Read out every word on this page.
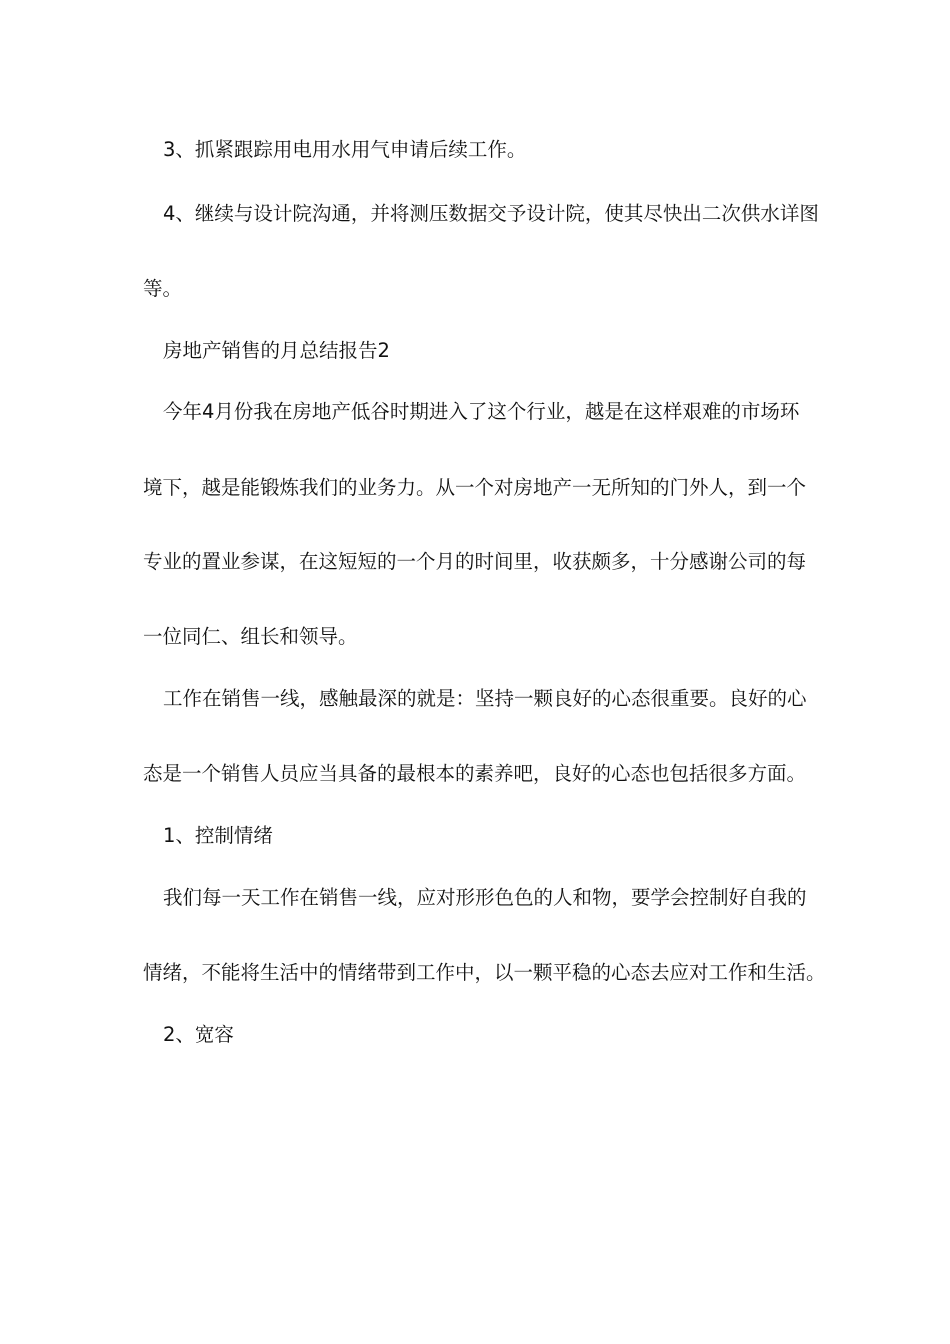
3、抓紧跟踪用电用水用气申请后续工作。
4、继续与设计院沟通，并将测压数据交予设计院，使其尽快出二次供水详图
等。
房地产销售的月总结报告2
今年4月份我在房地产低谷时期进入了这个行业，越是在这样艰难的市场环
境下，越是能锻炼我们的业务力。从一个对房地产一无所知的门外人，到一个
专业的置业参谋，在这短短的一个月的时间里，收获颇多，十分感谢公司的每
一位同仁、组长和领导。
工作在销售一线，感触最深的就是：坚持一颗良好的心态很重要。良好的心
态是一个销售人员应当具备的最根本的素养吧，良好的心态也包括很多方面。
1、控制情绪
我们每一天工作在销售一线，应对形形色色的人和物，要学会控制好自我的
情绪，不能将生活中的情绪带到工作中，以一颗平稳的心态去应对工作和生活。
2、宽容
